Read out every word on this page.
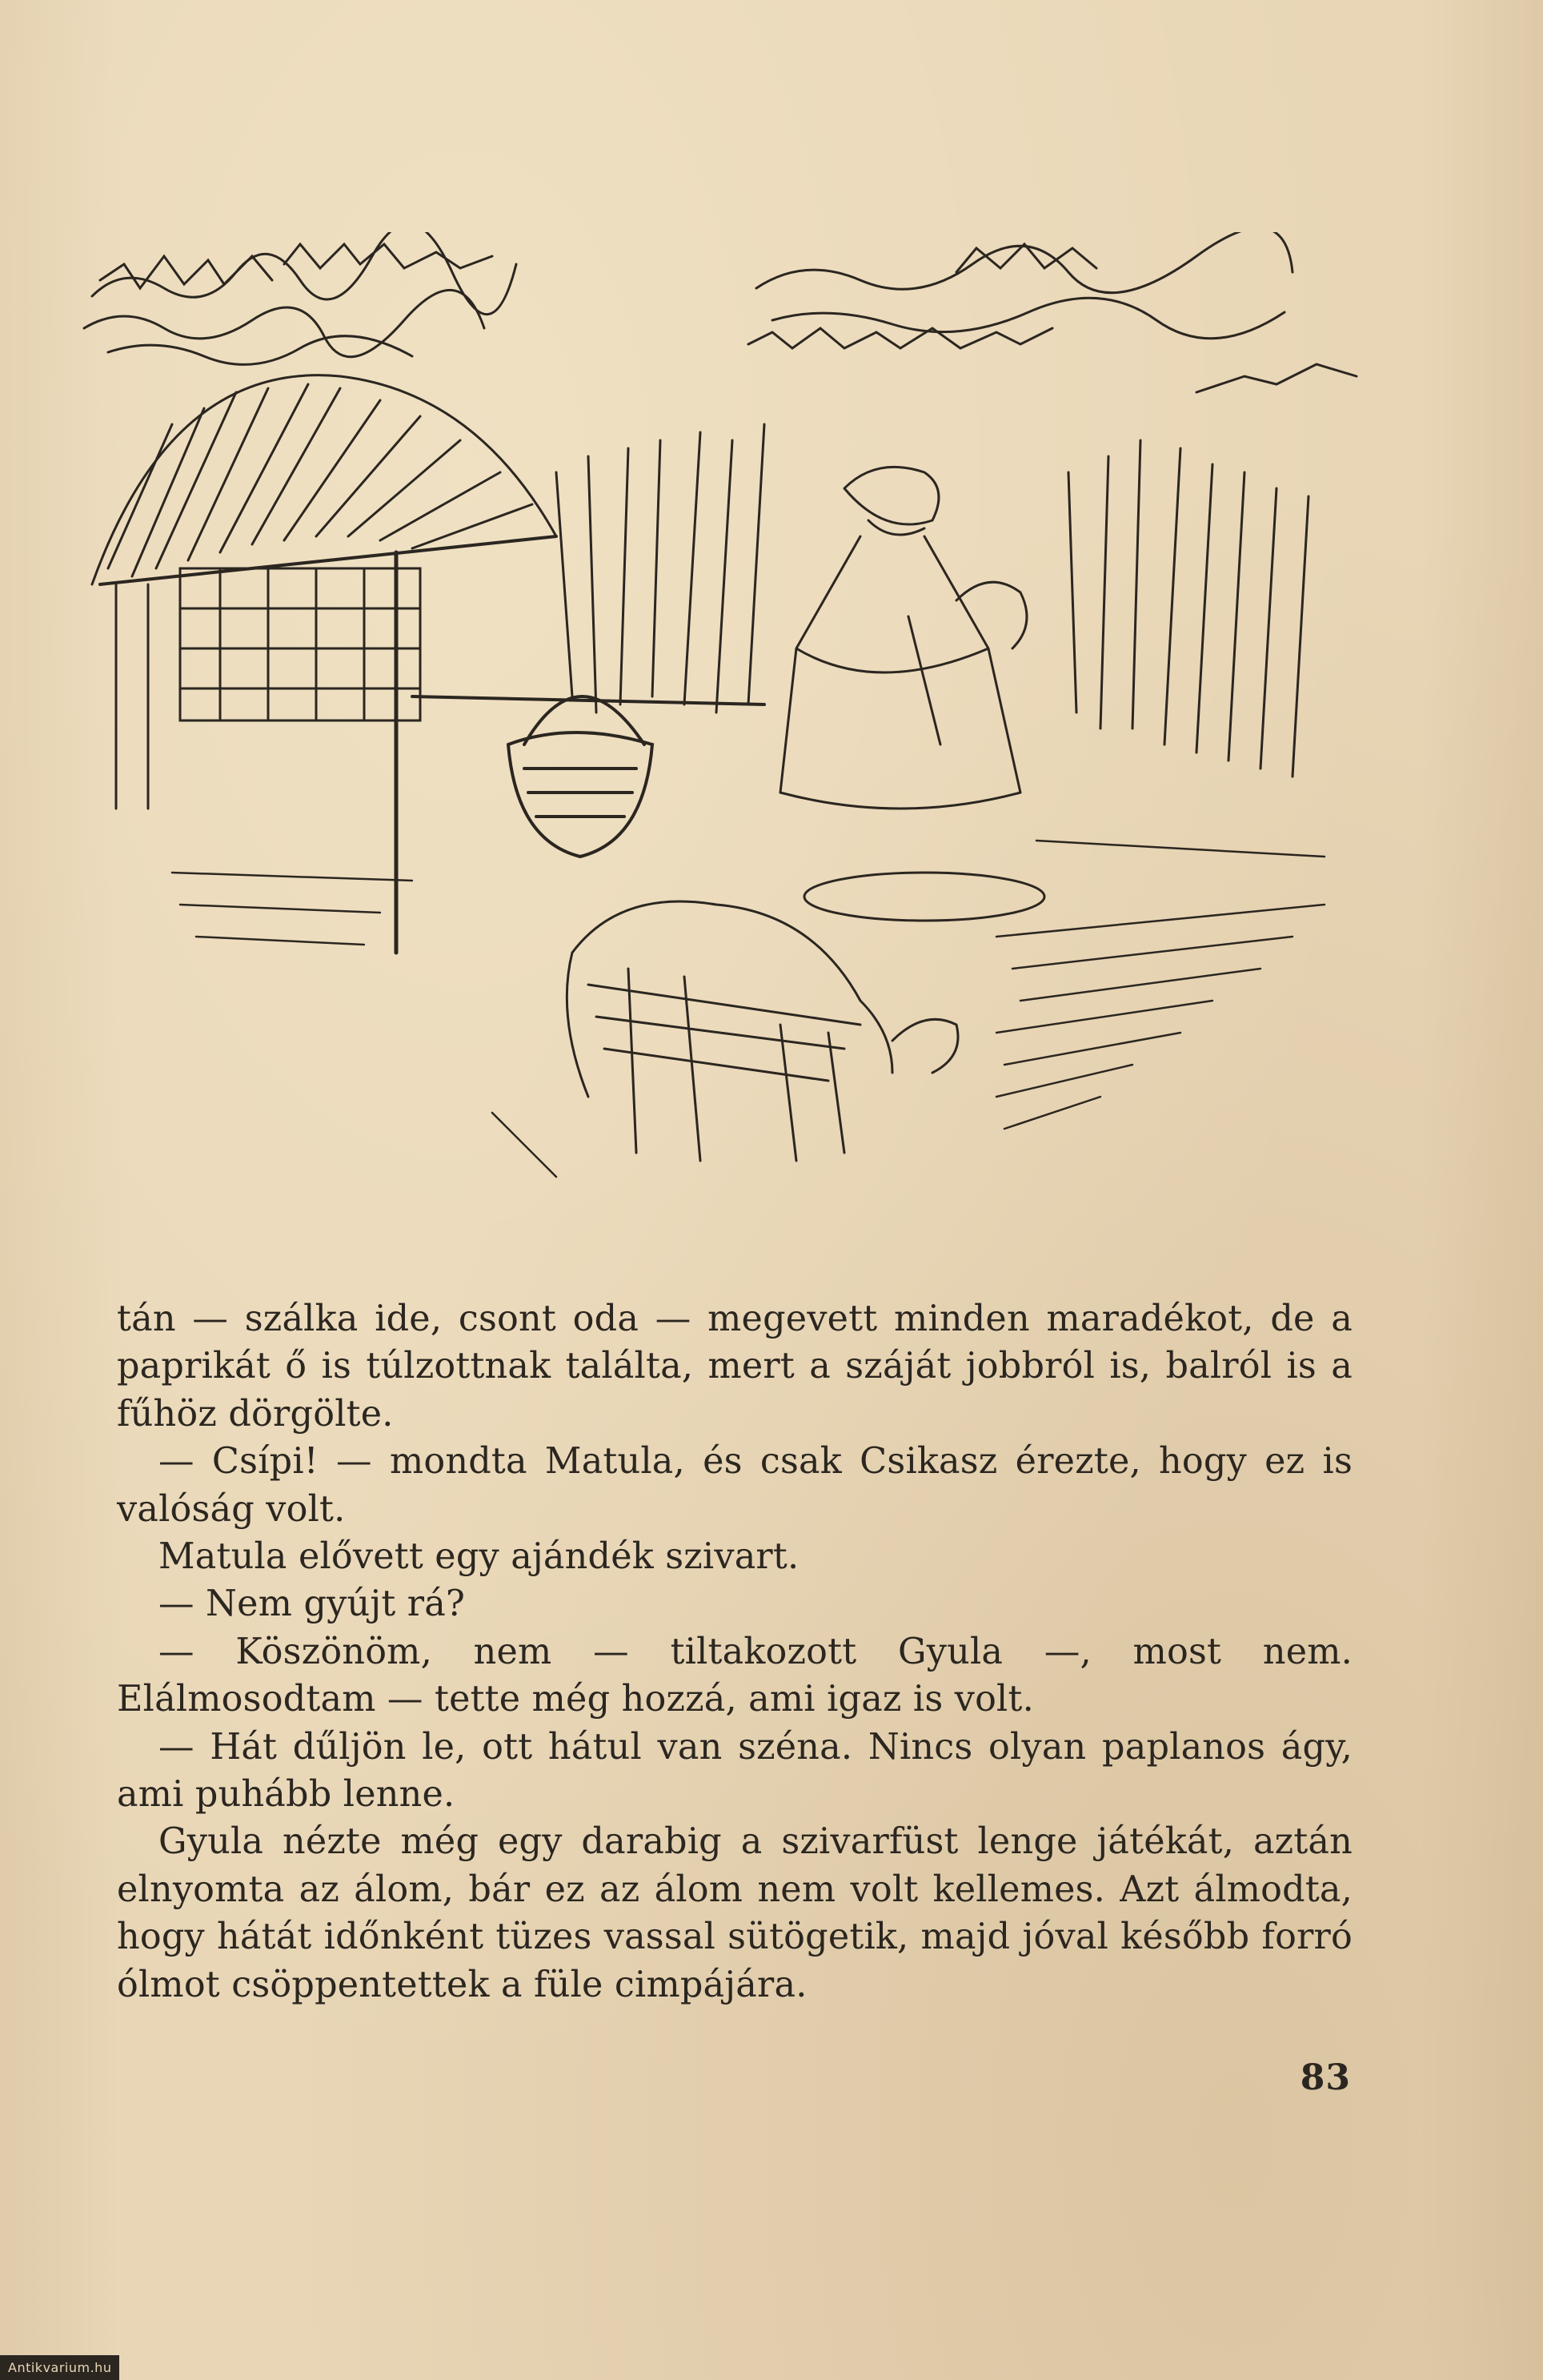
tán — szálka ide, csont oda — megevett minden maradékot, de a paprikát ő is túlzottnak találta, mert a száját jobbról is, balról is a fűhöz dörgölte.

— Csípi! — mondta Matula, és csak Csikasz érezte, hogy ez is valóság volt.

Matula elővett egy ajándék szivart.

— Nem gyújt rá?

— Köszönöm, nem — tiltakozott Gyula —, most nem. Elálmosodtam — tette még hozzá, ami igaz is volt.

— Hát dűljön le, ott hátul van széna. Nincs olyan paplanos ágy, ami puhább lenne.

Gyula nézte még egy darabig a szivarfüst lenge játékát, aztán elnyomta az álom, bár ez az álom nem volt kellemes. Azt álmodta, hogy hátát időnként tüzes vassal sütögetik, majd jóval később forró ólmot csöppentettek a füle cimpájára.

83
Antikvarium.hu
